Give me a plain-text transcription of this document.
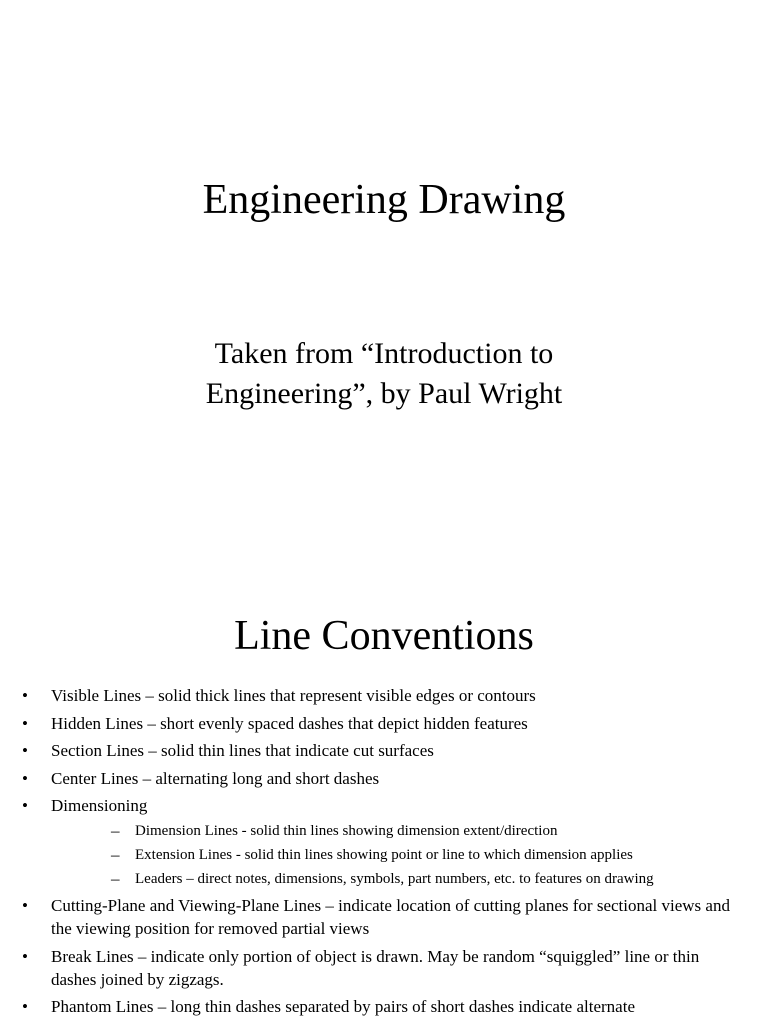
Engineering Drawing
Taken from “Introduction to
Engineering”, by Paul Wright
Line Conventions
• Visible Lines – solid thick lines that represent visible edges or contours
• Hidden Lines – short evenly spaced dashes that depict hidden features
• Section Lines – solid thin lines that indicate cut surfaces
• Center Lines – alternating long and short dashes
• Dimensioning
– Dimension Lines - solid thin lines showing dimension extent/direction
– Extension Lines - solid thin lines showing point or line to which dimension applies
– Leaders – direct notes, dimensions, symbols, part numbers, etc. to features on drawing
• Cutting-Plane and Viewing-Plane Lines – indicate location of cutting planes for sectional views and the viewing position for removed partial views
• Break Lines – indicate only portion of object is drawn. May be random “squiggled” line or thin dashes joined by zigzags.
• Phantom Lines – long thin dashes separated by pairs of short dashes indicate alternate
